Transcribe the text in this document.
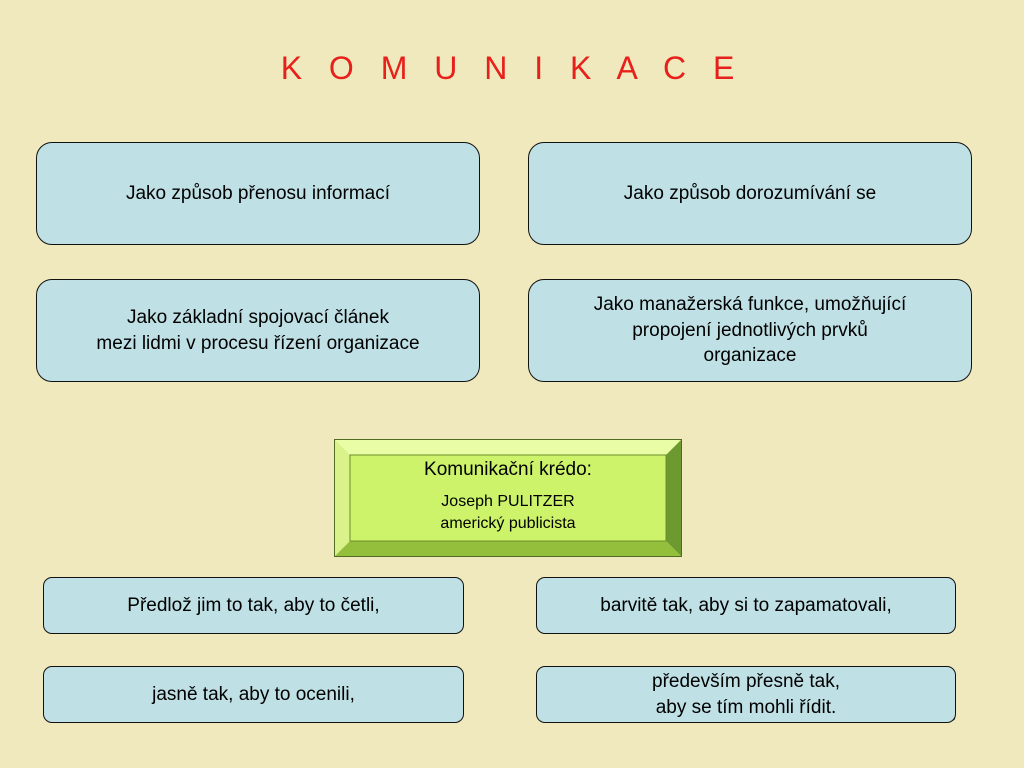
K O M U N I K A C E
Jako způsob přenosu informací	Jako způsob dorozumívání se
Jako základní spojovací článek
mezi lidmi v procesu řízení organizace
Jako manažerská funkce, umožňující
propojení jednotlivých prvků
organizace
Komunikační krédo:
Joseph PULITZER
americký publicista
Předlož jim to tak, aby to četli,	barvitě tak, aby si to zapamatovali,
jasně tak, aby to ocenili,
především přesně tak,
aby se tím mohli řídit.
